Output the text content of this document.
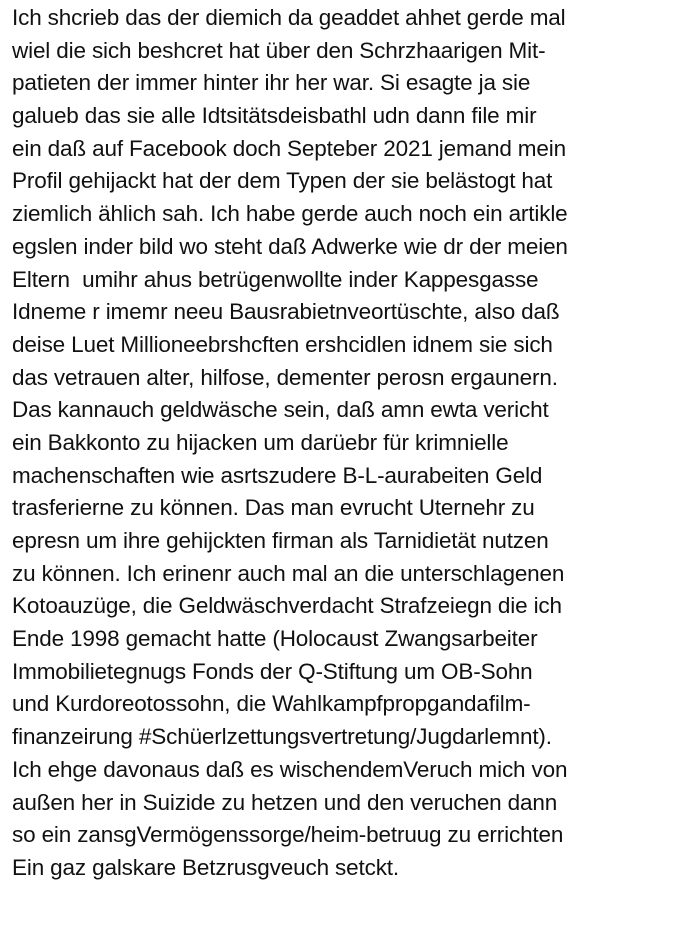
Ich shcrieb das der diemich da geaddet ahhet gerde mal
wiel die sich beshcret hat über den Schrzhaarigen Mit-
patieten der immer hinter ihr her war. Si esagte ja sie
galueb das sie alle Idtsitätsdeisbathl udn dann file mir
ein daß auf Facebook doch Septeber 2021 jemand mein
Profil gehijackt hat der dem Typen der sie belästogt hat
ziemlich ählich sah. Ich habe gerde auch noch ein artikle
egslen inder bild wo steht daß Adwerke wie dr der meien
Eltern  umihr ahus betrügenwollte inder Kappesgasse
Idneme r imemr neeu Bausrabietnveortüschte, also daß
deise Luet Millioneebrshcften ershcidlen idnem sie sich
das vetrauen alter, hilfose, dementer perosn ergaunern.
Das kannauch geldwäsche sein, daß amn ewta vericht
ein Bakkonto zu hijacken um darüebr für krimnielle
machenschaften wie asrtszudere B-L-aurabeiten Geld
trasferierne zu können. Das man evrucht Uternehr zu
epresn um ihre gehijckten firman als Tarnidietät nutzen
zu können. Ich erinenr auch mal an die unterschlagenen
Kotoauzüge, die Geldwäschverdacht Strafzeiegn die ich
Ende 1998 gemacht hatte (Holocaust Zwangsarbeiter
Immobilietegnugs Fonds der Q-Stiftung um OB-Sohn
und Kurdoreotossohn, die Wahlkampfpropgandafilm-
finanzeirung #Schüerlzettungsvertretung/Jugdarlemnt).
Ich ehge davonaus daß es wischendemVeruch mich von
außen her in Suizide zu hetzen und den veruchen dann
so ein zansgVermögenssorge/heim-betruug zu errichten
Ein gaz galskare Betzrusgveuch setckt.
